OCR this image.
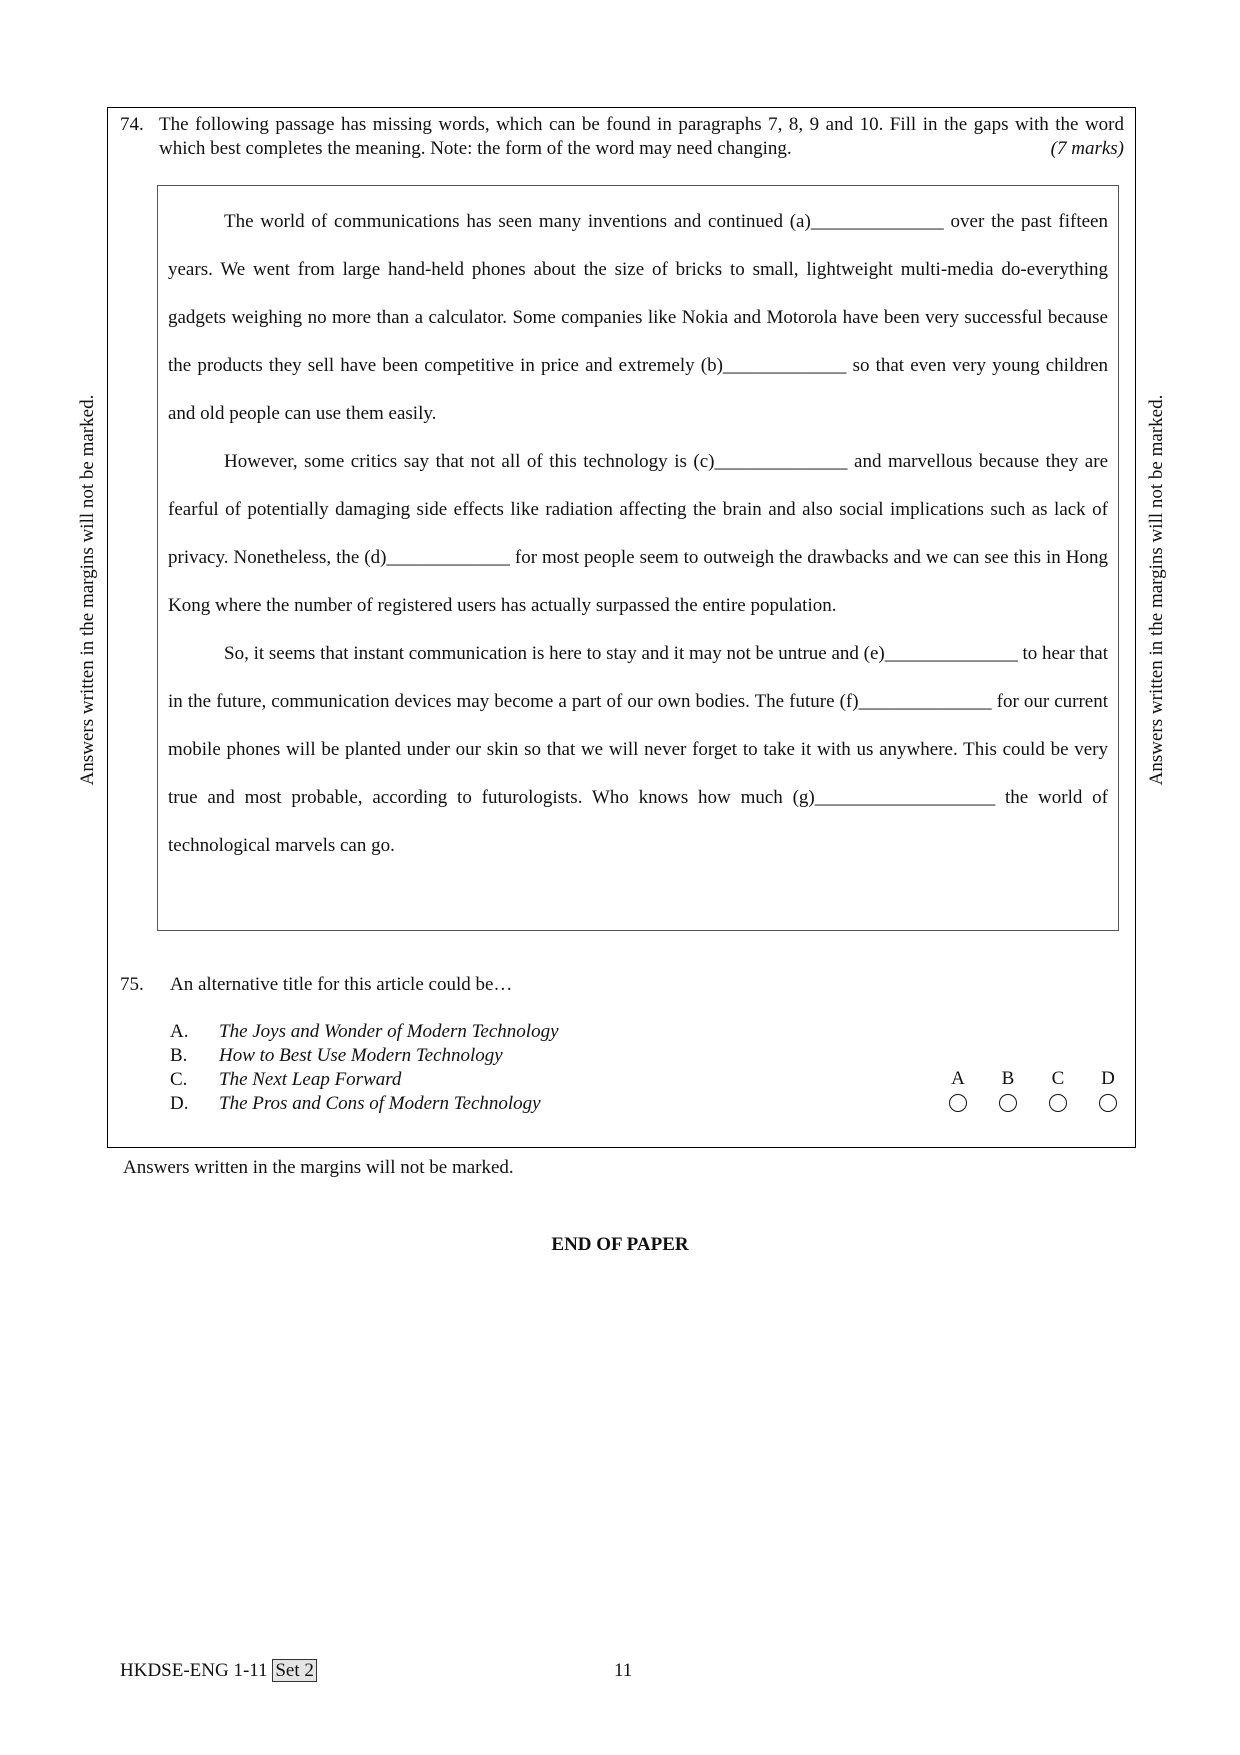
Answers written in the margins will not be marked.	Answers written in the margins will not be marked.
74. The following passage has missing words, which can be found in paragraphs 7, 8, 9 and 10. Fill in the gaps with the word which best completes the meaning. Note: the form of the word may need changing.	(7 marks)

The world of communications has seen many inventions and continued (a)______________ over the past fifteen years. We went from large hand-held phones about the size of bricks to small, lightweight multi-media do-everything gadgets weighing no more than a calculator. Some companies like Nokia and Motorola have been very successful because the products they sell have been competitive in price and extremely (b)_____________ so that even very young children and old people can use them easily.

However, some critics say that not all of this technology is (c)______________ and marvellous because they are fearful of potentially damaging side effects like radiation affecting the brain and also social implications such as lack of privacy. Nonetheless, the (d)_____________ for most people seem to outweigh the drawbacks and we can see this in Hong Kong where the number of registered users has actually surpassed the entire population.

So, it seems that instant communication is here to stay and it may not be untrue and (e)______________ to hear that in the future, communication devices may become a part of our own bodies. The future (f)______________ for our current mobile phones will be planted under our skin so that we will never forget to take it with us anywhere. This could be very true and most probable, according to futurologists. Who knows how much (g)___________________ the world of technological marvels can go.

75. An alternative title for this article could be…
A. The Joys and Wonder of Modern Technology
B. How to Best Use Modern Technology
C. The Next Leap Forward
D. The Pros and Cons of Modern Technology
A	B	C	D
Answers written in the margins will not be marked.
END OF PAPER
HKDSE-ENG 1-11 Set 2	11
